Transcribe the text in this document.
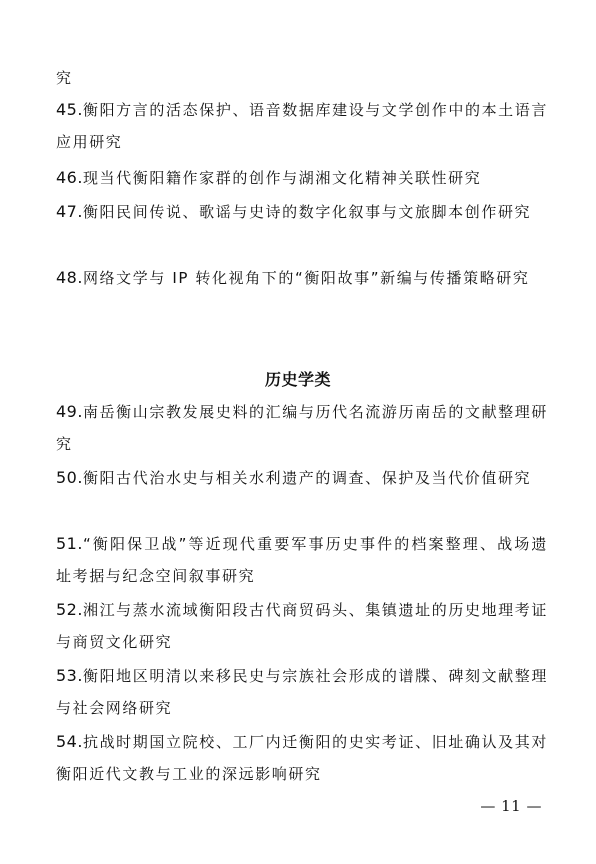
究

45.衡阳方言的活态保护、语音数据库建设与文学创作中的本土语言应用研究

46.现当代衡阳籍作家群的创作与湖湘文化精神关联性研究

47.衡阳民间传说、歌谣与史诗的数字化叙事与文旅脚本创作研究

48.网络文学与 IP 转化视角下的“衡阳故事”新编与传播策略研究

历史学类

49.南岳衡山宗教发展史料的汇编与历代名流游历南岳的文献整理研究

50.衡阳古代治水史与相关水利遗产的调查、保护及当代价值研究

51.“衡阳保卫战”等近现代重要军事历史事件的档案整理、战场遗址考据与纪念空间叙事研究

52.湘江与蒸水流域衡阳段古代商贸码头、集镇遗址的历史地理考证与商贸文化研究

53.衡阳地区明清以来移民史与宗族社会形成的谱牒、碑刻文献整理与社会网络研究

54.抗战时期国立院校、工厂内迁衡阳的史实考证、旧址确认及其对衡阳近代文教与工业的深远影响研究

— 11 —
